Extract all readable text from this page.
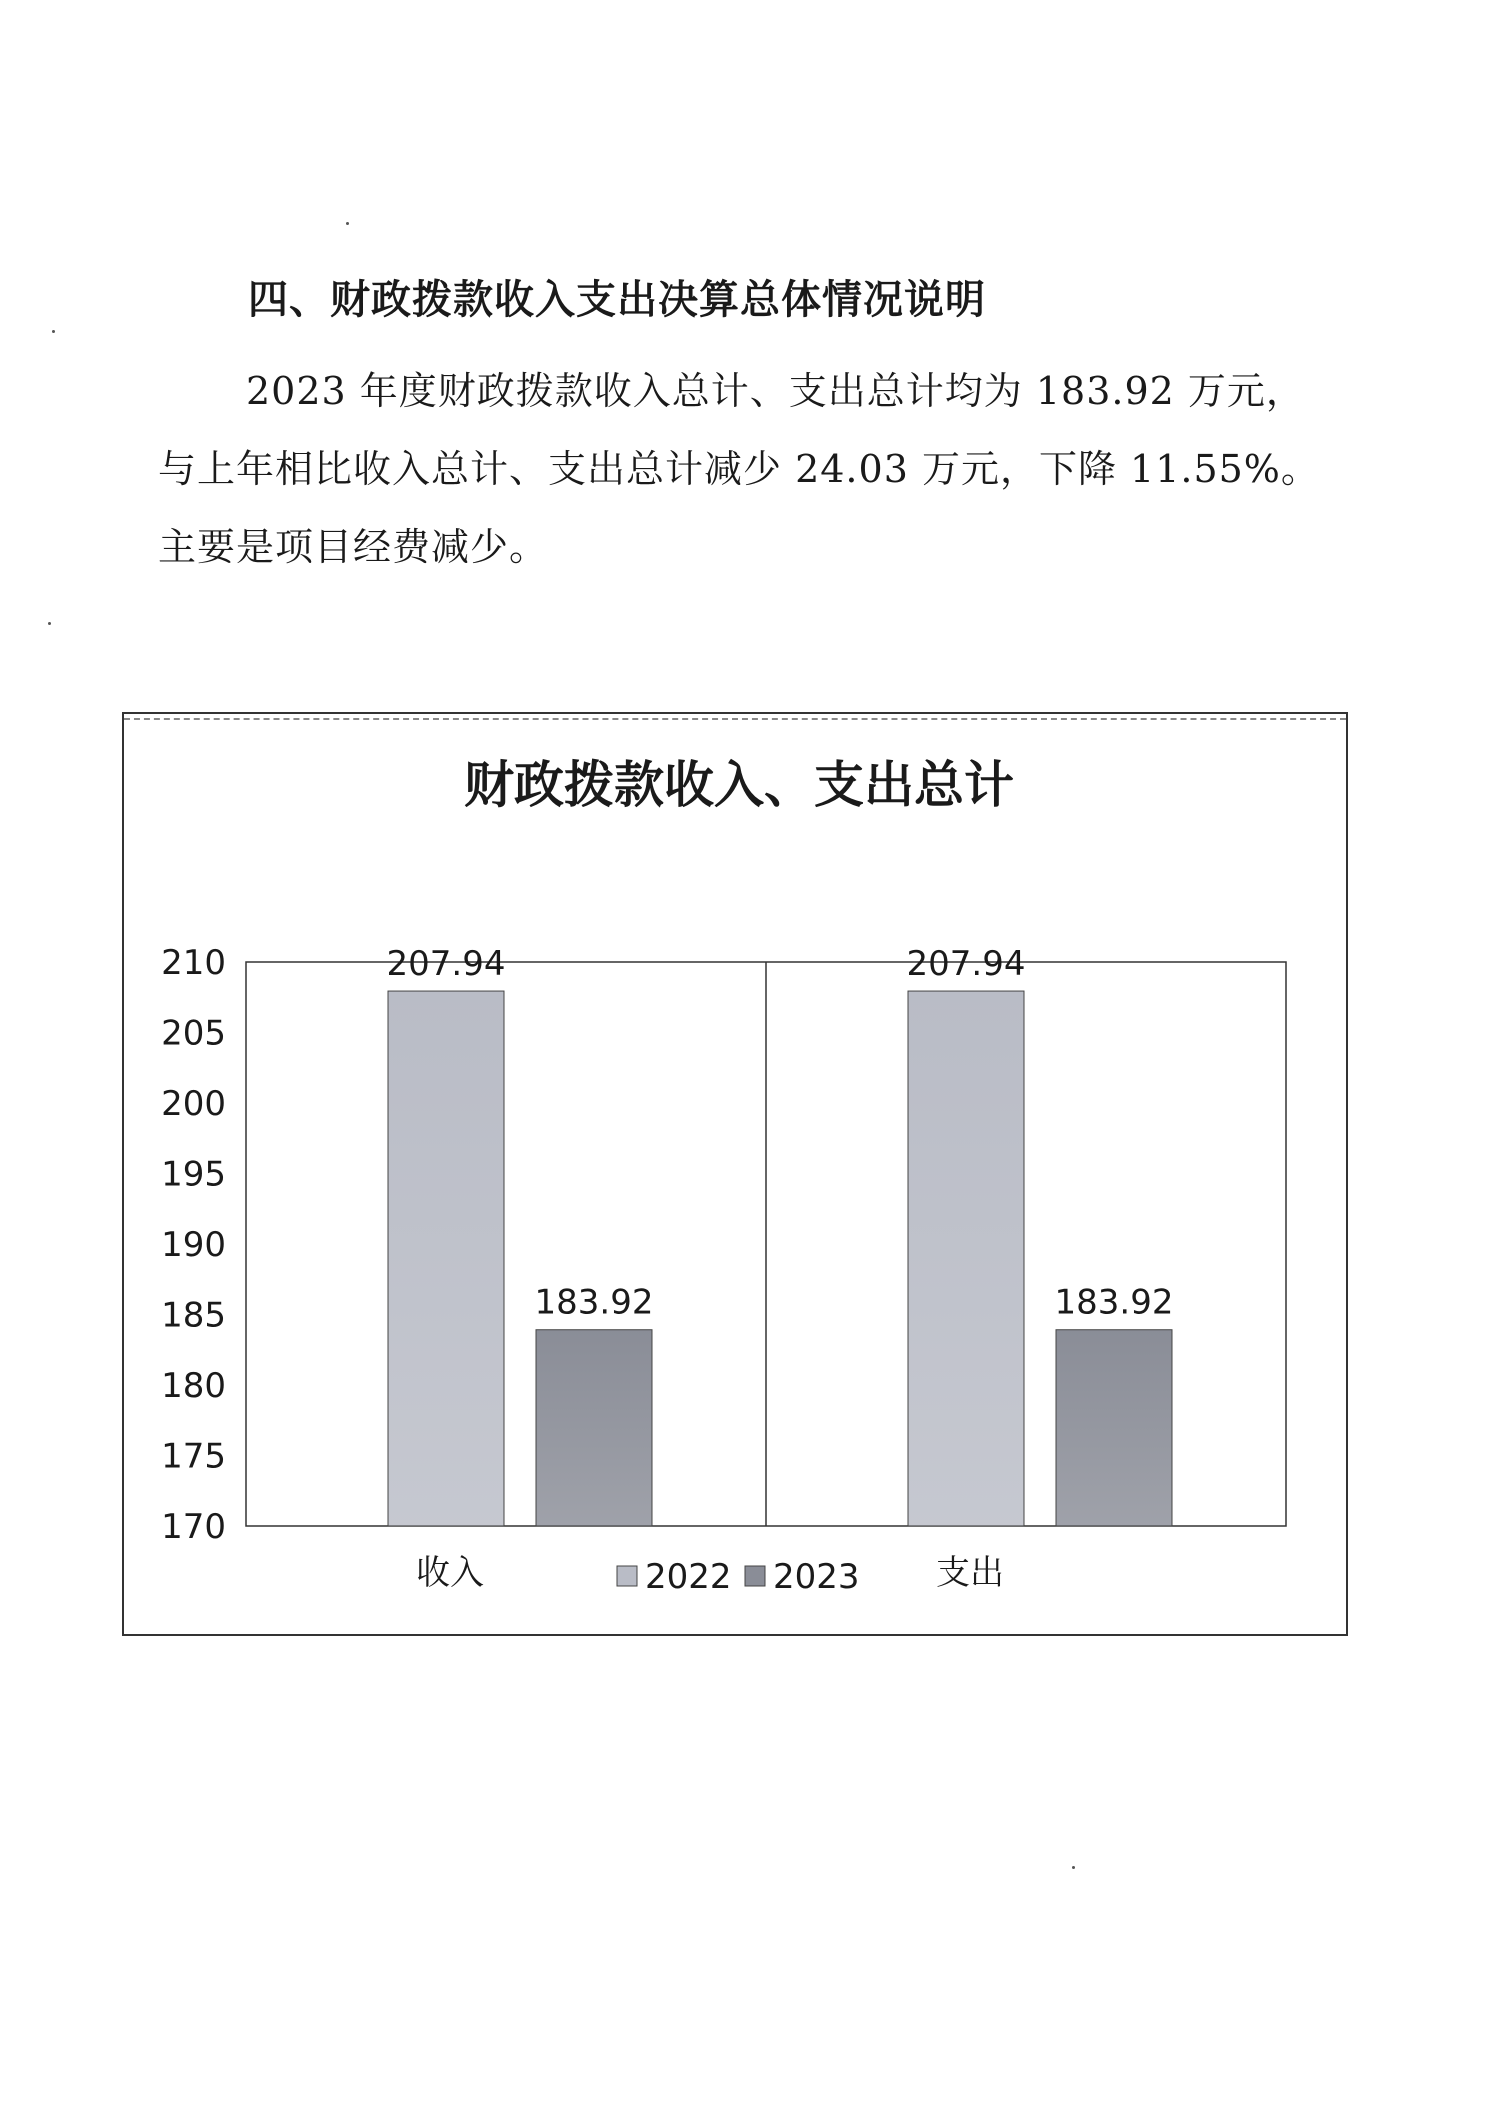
四、财政拨款收入支出决算总体情况说明

2023 年度财政拨款收入总计、支出总计均为 183.92 万元，与上年相比收入总计、支出总计减少 24.03 万元，下降 11.55%。主要是项目经费减少。

财政拨款收入、支出总计
210
205
200
195
190
185
180
175
170
207.94
183.92
收入
207.94
183.92
支出
2022 2023
